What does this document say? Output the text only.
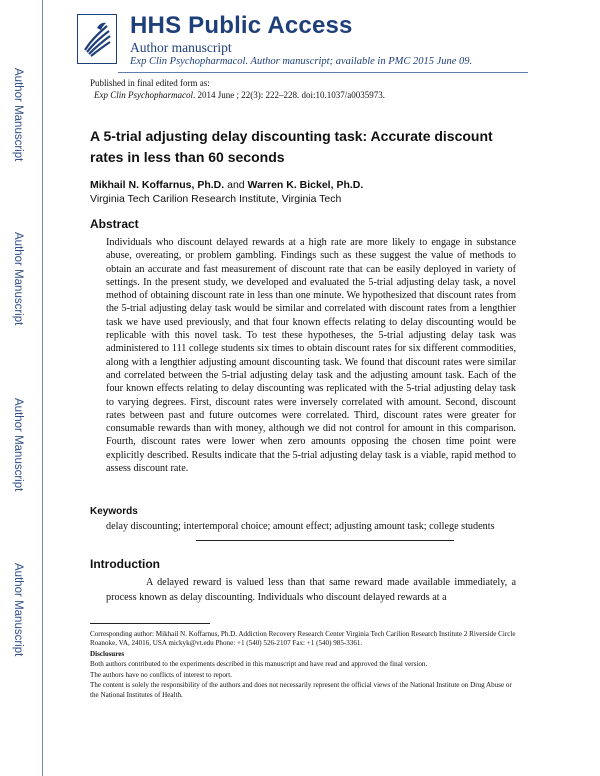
Author Manuscript
Author Manuscript
Author Manuscript
Author Manuscript
HHS Public Access
Author manuscript
Exp Clin Psychopharmacol. Author manuscript; available in PMC 2015 June 09.
Published in final edited form as:
Exp Clin Psychopharmacol. 2014 June ; 22(3): 222–228. doi:10.1037/a0035973.
A 5-trial adjusting delay discounting task: Accurate discount rates in less than 60 seconds
Mikhail N. Koffarnus, Ph.D. and Warren K. Bickel, Ph.D.
Virginia Tech Carilion Research Institute, Virginia Tech
Abstract
Individuals who discount delayed rewards at a high rate are more likely to engage in substance abuse, overeating, or problem gambling. Findings such as these suggest the value of methods to obtain an accurate and fast measurement of discount rate that can be easily deployed in variety of settings. In the present study, we developed and evaluated the 5-trial adjusting delay task, a novel method of obtaining discount rate in less than one minute. We hypothesized that discount rates from the 5-trial adjusting delay task would be similar and correlated with discount rates from a lengthier task we have used previously, and that four known effects relating to delay discounting would be replicable with this novel task. To test these hypotheses, the 5-trial adjusting delay task was administered to 111 college students six times to obtain discount rates for six different commodities, along with a lengthier adjusting amount discounting task. We found that discount rates were similar and correlated between the 5-trial adjusting delay task and the adjusting amount task. Each of the four known effects relating to delay discounting was replicated with the 5-trial adjusting delay task to varying degrees. First, discount rates were inversely correlated with amount. Second, discount rates between past and future outcomes were correlated. Third, discount rates were greater for consumable rewards than with money, although we did not control for amount in this comparison. Fourth, discount rates were lower when zero amounts opposing the chosen time point were explicitly described. Results indicate that the 5-trial adjusting delay task is a viable, rapid method to assess discount rate.
Keywords
delay discounting; intertemporal choice; amount effect; adjusting amount task; college students
Introduction
A delayed reward is valued less than that same reward made available immediately, a process known as delay discounting. Individuals who discount delayed rewards at a
Corresponding author: Mikhail N. Koffarnus, Ph.D. Addiction Recovery Research Center Virginia Tech Carilion Research Institute 2 Riverside Circle Roanoke, VA, 24016, USA mickyk@vt.edu Phone: +1 (540) 526-2107 Fax: +1 (540) 985-3361.
Disclosures
Both authors contributed to the experiments described in this manuscript and have read and approved the final version.
The authors have no conflicts of interest to report.
The content is solely the responsibility of the authors and does not necessarily represent the official views of the National Institute on Drug Abuse or the National Institutes of Health.
